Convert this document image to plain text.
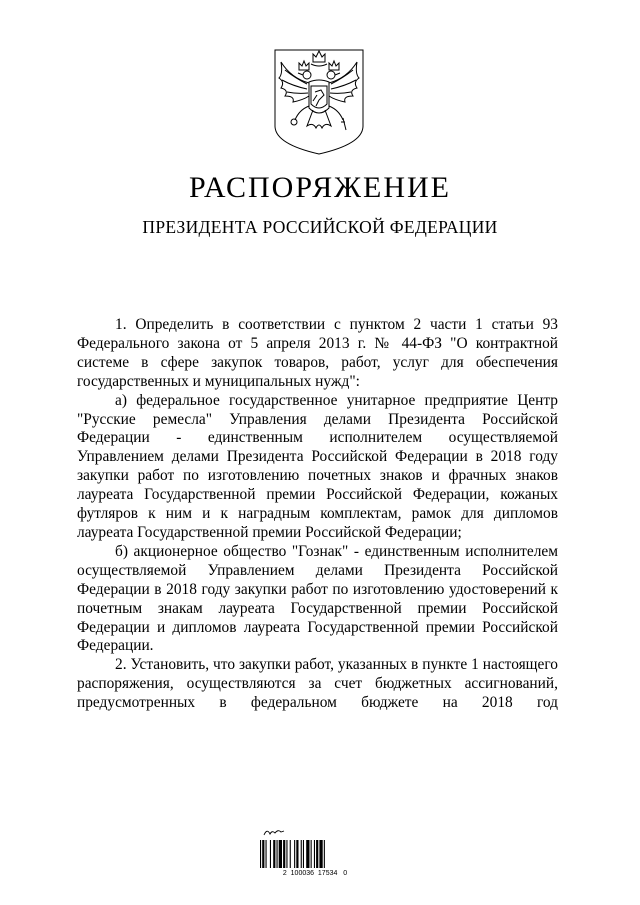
РАСПОРЯЖЕНИЕ
ПРЕЗИДЕНТА РОССИЙСКОЙ ФЕДЕРАЦИИ

1. Определить в соответствии с пунктом 2 части 1 статьи 93 Федерального закона от 5 апреля 2013 г. № 44-ФЗ "О контрактной системе в сфере закупок товаров, работ, услуг для обеспечения государственных и муниципальных нужд":

а) федеральное государственное унитарное предприятие Центр "Русские ремесла" Управления делами Президента Российской Федерации - единственным исполнителем осуществляемой Управлением делами Президента Российской Федерации в 2018 году закупки работ по изготовлению почетных знаков и фрачных знаков лауреата Государственной премии Российской Федерации, кожаных футляров к ним и к наградным комплектам, рамок для дипломов лауреата Государственной премии Российской Федерации;

б) акционерное общество "Гознак" - единственным исполнителем осуществляемой Управлением делами Президента Российской Федерации в 2018 году закупки работ по изготовлению удостоверений к почетным знакам лауреата Государственной премии Российской Федерации и дипломов лауреата Государственной премии Российской Федерации.

2. Установить, что закупки работ, указанных в пункте 1 настоящего распоряжения, осуществляются за счет бюджетных ассигнований, предусмотренных в федеральном бюджете на 2018 год

2  100036  17534   0
